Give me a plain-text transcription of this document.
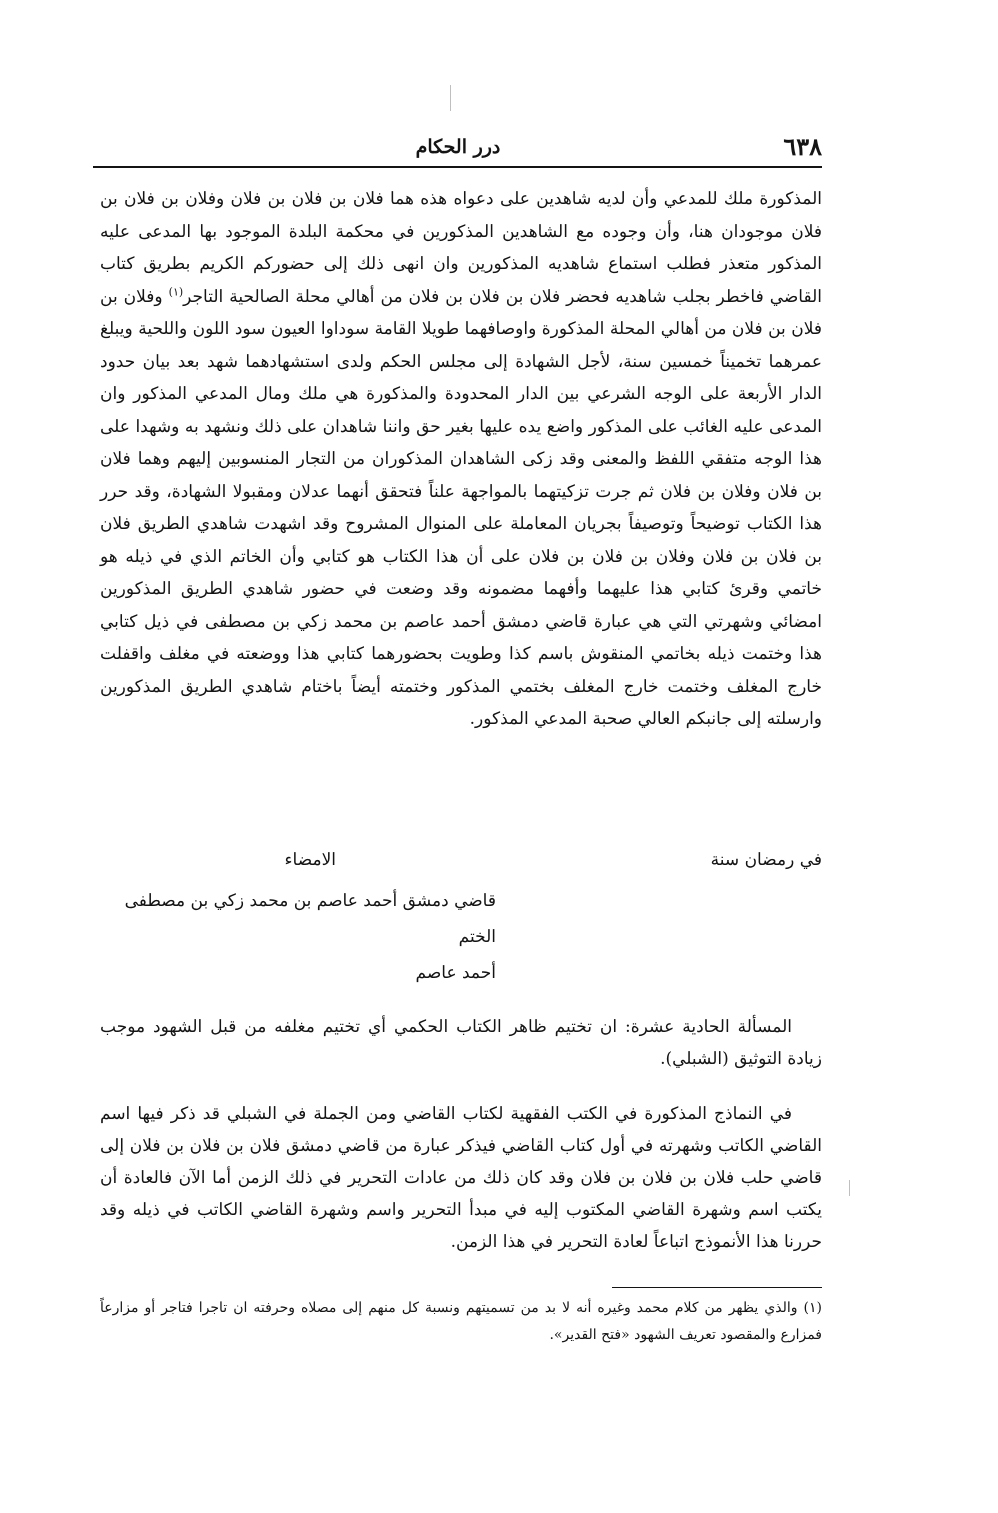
٦٣٨
درر الحكام

المذكورة ملك للمدعي وأن لديه شاهدين على دعواه هذه هما فلان بن فلان بن فلان وفلان بن فلان بن فلان موجودان هنا، وأن وجوده مع الشاهدين المذكورين في محكمة البلدة الموجود بها المدعى عليه المذكور متعذر فطلب استماع شاهديه المذكورين وان انهى ذلك إلى حضوركم الكريم بطريق كتاب القاضي فاخطر بجلب شاهديه فحضر فلان بن فلان بن فلان من أهالي محلة الصالحية التاجر$^{(١)}$ وفلان بن فلان بن فلان من أهالي المحلة المذكورة واوصافهما طويلا القامة سوداوا العيون سود اللون واللحية ويبلغ عمرهما تخميناً خمسين سنة، لأجل الشهادة إلى مجلس الحكم ولدى استشهادهما شهد بعد بيان حدود الدار الأربعة على الوجه الشرعي بين الدار المحدودة والمذكورة هي ملك ومال المدعي المذكور وان المدعى عليه الغائب على المذكور واضع يده عليها بغير حق واننا شاهدان على ذلك ونشهد به وشهدا على هذا الوجه متفقي اللفظ والمعنى وقد زكى الشاهدان المذكوران من التجار المنسوبين إليهم وهما فلان بن فلان وفلان بن فلان ثم جرت تزكيتهما بالمواجهة علناً فتحقق أنهما عدلان ومقبولا الشهادة، وقد حرر هذا الكتاب توضيحاً وتوصيفاً بجريان المعاملة على المنوال المشروح وقد اشهدت شاهدي الطريق فلان بن فلان بن فلان وفلان بن فلان بن فلان على أن هذا الكتاب هو كتابي وأن الخاتم الذي في ذيله هو خاتمي وقرئ كتابي هذا عليهما وأفهما مضمونه وقد وضعت في حضور شاهدي الطريق المذكورين امضائي وشهرتي التي هي عبارة قاضي دمشق أحمد عاصم بن محمد زكي بن مصطفى في ذيل كتابي هذا وختمت ذيله بخاتمي المنقوش باسم كذا وطويت بحضورهما كتابي هذا ووضعته في مغلف واقفلت خارج المغلف وختمت خارج المغلف بختمي المذكور وختمته أيضاً باختام شاهدي الطريق المذكورين وارسلته إلى جانبكم العالي صحبة المدعي المذكور.

في رمضان سنة
الامضاء
قاضي دمشق أحمد عاصم بن محمد زكي بن مصطفى
الختم
أحمد عاصم

المسألة الحادية عشرة: ان تختيم ظاهر الكتاب الحكمي أي تختيم مغلفه من قبل الشهود موجب زيادة التوثيق (الشبلي).

في النماذج المذكورة في الكتب الفقهية لكتاب القاضي ومن الجملة في الشبلي قد ذكر فيها اسم القاضي الكاتب وشهرته في أول كتاب القاضي فيذكر عبارة من قاضي دمشق فلان بن فلان بن فلان إلى قاضي حلب فلان بن فلان بن فلان وقد كان ذلك من عادات التحرير في ذلك الزمن أما الآن فالعادة أن يكتب اسم وشهرة القاضي المكتوب إليه في مبدأ التحرير واسم وشهرة القاضي الكاتب في ذيله وقد حررنا هذا الأنموذج اتباعاً لعادة التحرير في هذا الزمن.

(١) والذي يظهر من كلام محمد وغيره أنه لا بد من تسميتهم ونسبة كل منهم إلى مصلاه وحرفته ان تاجرا فتاجر أو مزارعاً فمزارع والمقصود تعريف الشهود «فتح القدير».
